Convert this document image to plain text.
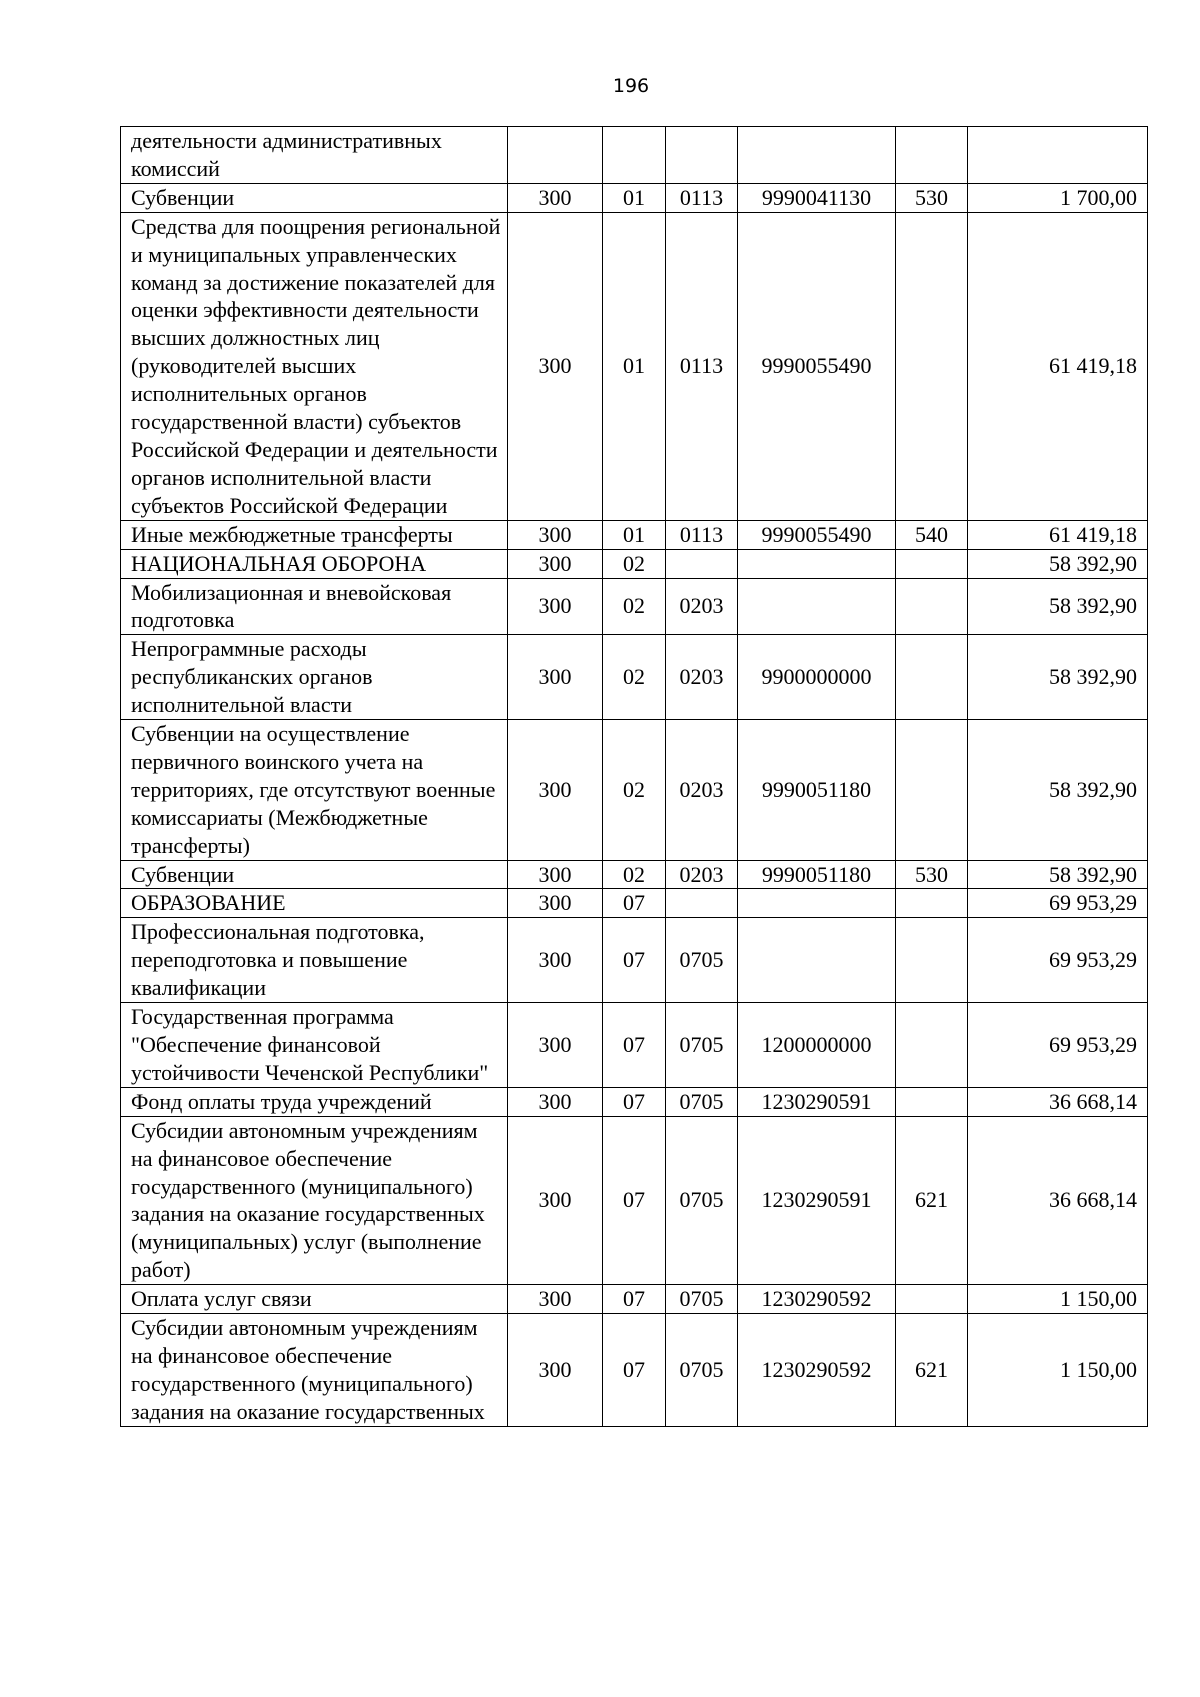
196
деятельности административных комиссий						
Субвенции	300	01	0113	9990041130	530	1 700,00
Средства для поощрения региональной и муниципальных управленческих команд за достижение показателей для оценки эффективности деятельности высших должностных лиц (руководителей высших исполнительных органов государственной власти) субъектов Российской Федерации и деятельности органов исполнительной власти субъектов Российской Федерации	300	01	0113	9990055490		61 419,18
Иные межбюджетные трансферты	300	01	0113	9990055490	540	61 419,18
НАЦИОНАЛЬНАЯ ОБОРОНА	300	02				58 392,90
Мобилизационная и вневойсковая подготовка	300	02	0203			58 392,90
Непрограммные расходы республиканских органов исполнительной власти	300	02	0203	9900000000		58 392,90
Субвенции на осуществление первичного воинского учета на территориях, где отсутствуют военные комиссариаты (Межбюджетные трансферты)	300	02	0203	9990051180		58 392,90
Субвенции	300	02	0203	9990051180	530	58 392,90
ОБРАЗОВАНИЕ	300	07				69 953,29
Профессиональная подготовка, переподготовка и повышение квалификации	300	07	0705			69 953,29
Государственная программа "Обеспечение финансовой устойчивости Чеченской Республики"	300	07	0705	1200000000		69 953,29
Фонд оплаты труда учреждений	300	07	0705	1230290591		36 668,14
Субсидии автономным учреждениям на финансовое обеспечение государственного (муниципального) задания на оказание государственных (муниципальных) услуг (выполнение работ)	300	07	0705	1230290591	621	36 668,14
Оплата услуг связи	300	07	0705	1230290592		1 150,00
Субсидии автономным учреждениям на финансовое обеспечение государственного (муниципального) задания на оказание государственных	300	07	0705	1230290592	621	1 150,00
